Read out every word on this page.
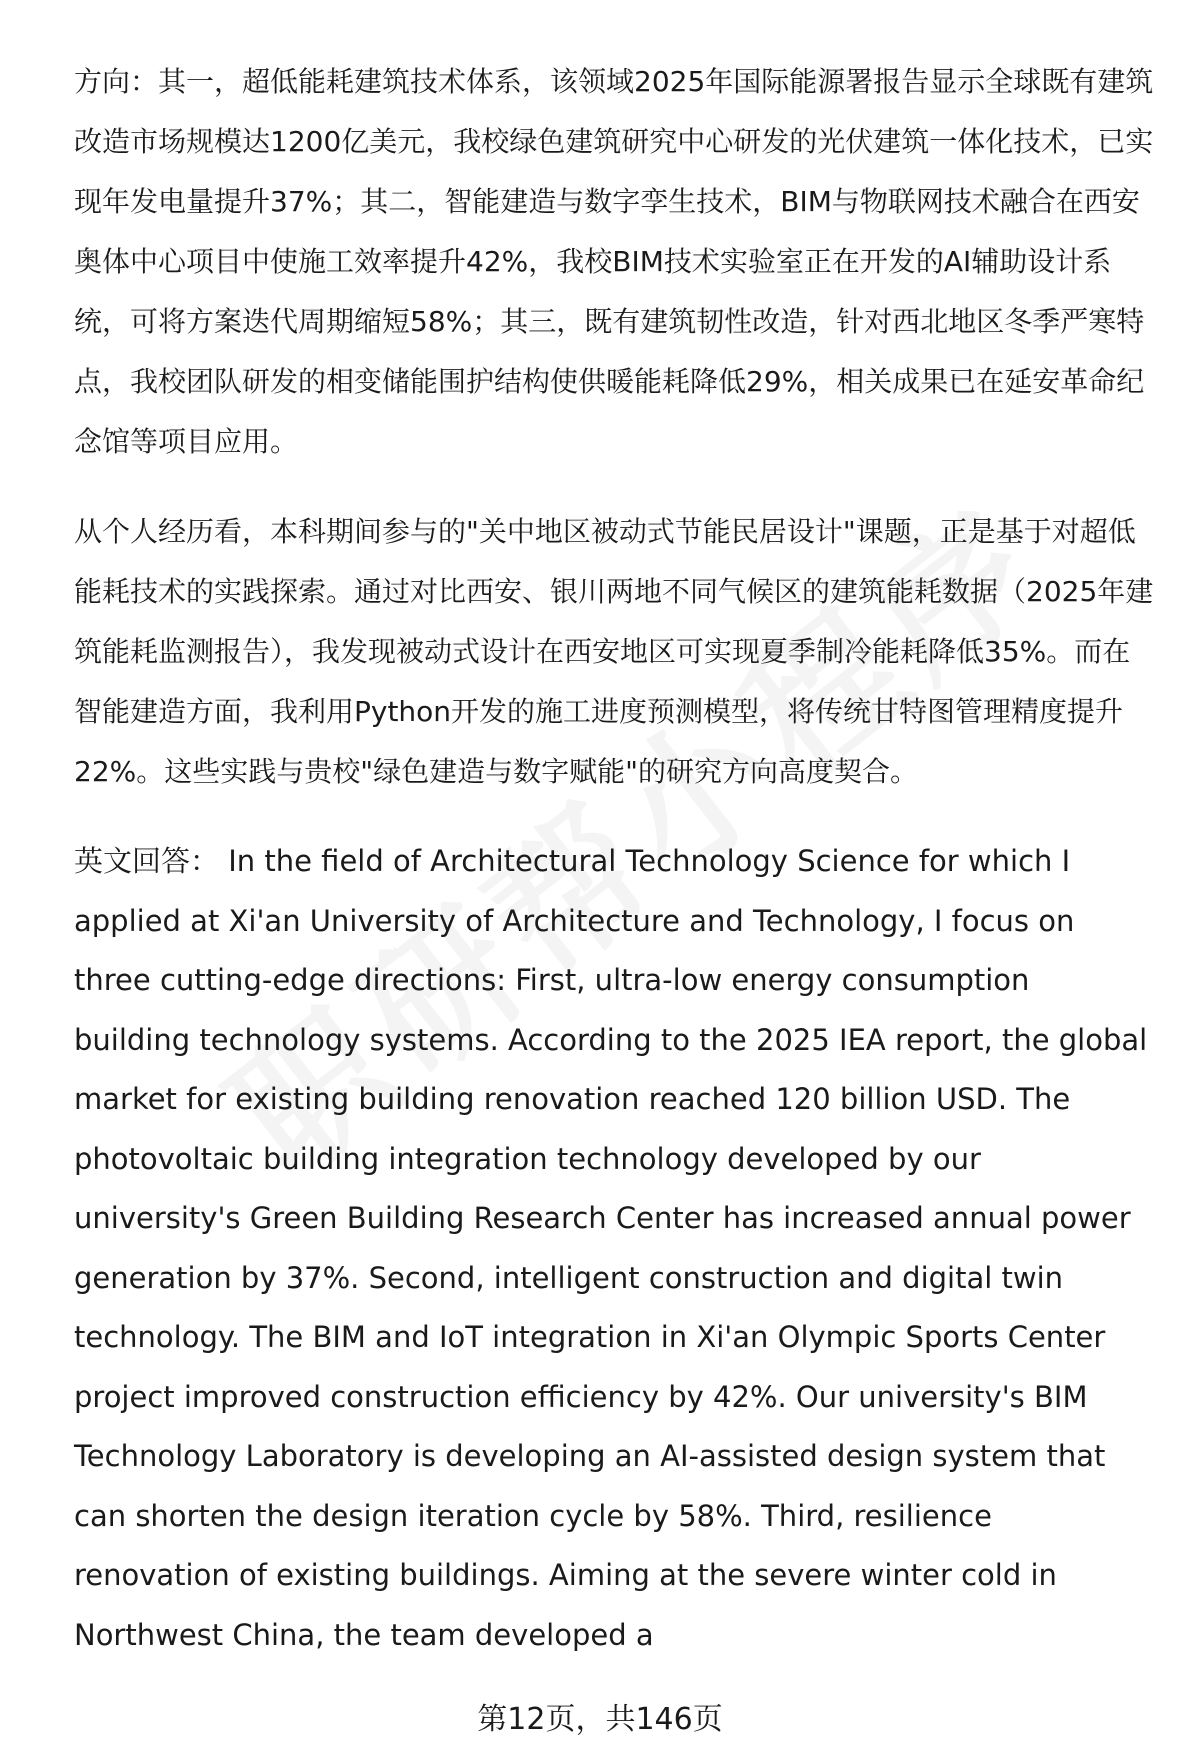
方向：其一，超低能耗建筑技术体系，该领域2025年国际能源署报告显示全球既有建筑改造市场规模达1200亿美元，我校绿色建筑研究中心研发的光伏建筑一体化技术，已实现年发电量提升37%；其二，智能建造与数字孪生技术，BIM与物联网技术融合在西安奥体中心项目中使施工效率提升42%，我校BIM技术实验室正在开发的AI辅助设计系统，可将方案迭代周期缩短58%；其三，既有建筑韧性改造，针对西北地区冬季严寒特点，我校团队研发的相变储能围护结构使供暖能耗降低29%，相关成果已在延安革命纪念馆等项目应用。

从个人经历看，本科期间参与的"关中地区被动式节能民居设计"课题，正是基于对超低能耗技术的实践探索。通过对比西安、银川两地不同气候区的建筑能耗数据（2025年建筑能耗监测报告），我发现被动式设计在西安地区可实现夏季制冷能耗降低35%。而在智能建造方面，我利用Python开发的施工进度预测模型，将传统甘特图管理精度提升22%。这些实践与贵校"绿色建造与数字赋能"的研究方向高度契合。

英文回答： In the field of Architectural Technology Science for which I applied at Xi'an University of Architecture and Technology, I focus on three cutting-edge directions: First, ultra-low energy consumption building technology systems. According to the 2025 IEA report, the global market for existing building renovation reached 120 billion USD. The photovoltaic building integration technology developed by our university's Green Building Research Center has increased annual power generation by 37%. Second, intelligent construction and digital twin technology. The BIM and IoT integration in Xi'an Olympic Sports Center project improved construction efficiency by 42%. Our university's BIM Technology Laboratory is developing an AI-assisted design system that can shorten the design iteration cycle by 58%. Third, resilience renovation of existing buildings. Aiming at the severe winter cold in Northwest China, the team developed a

第12页，共146页
